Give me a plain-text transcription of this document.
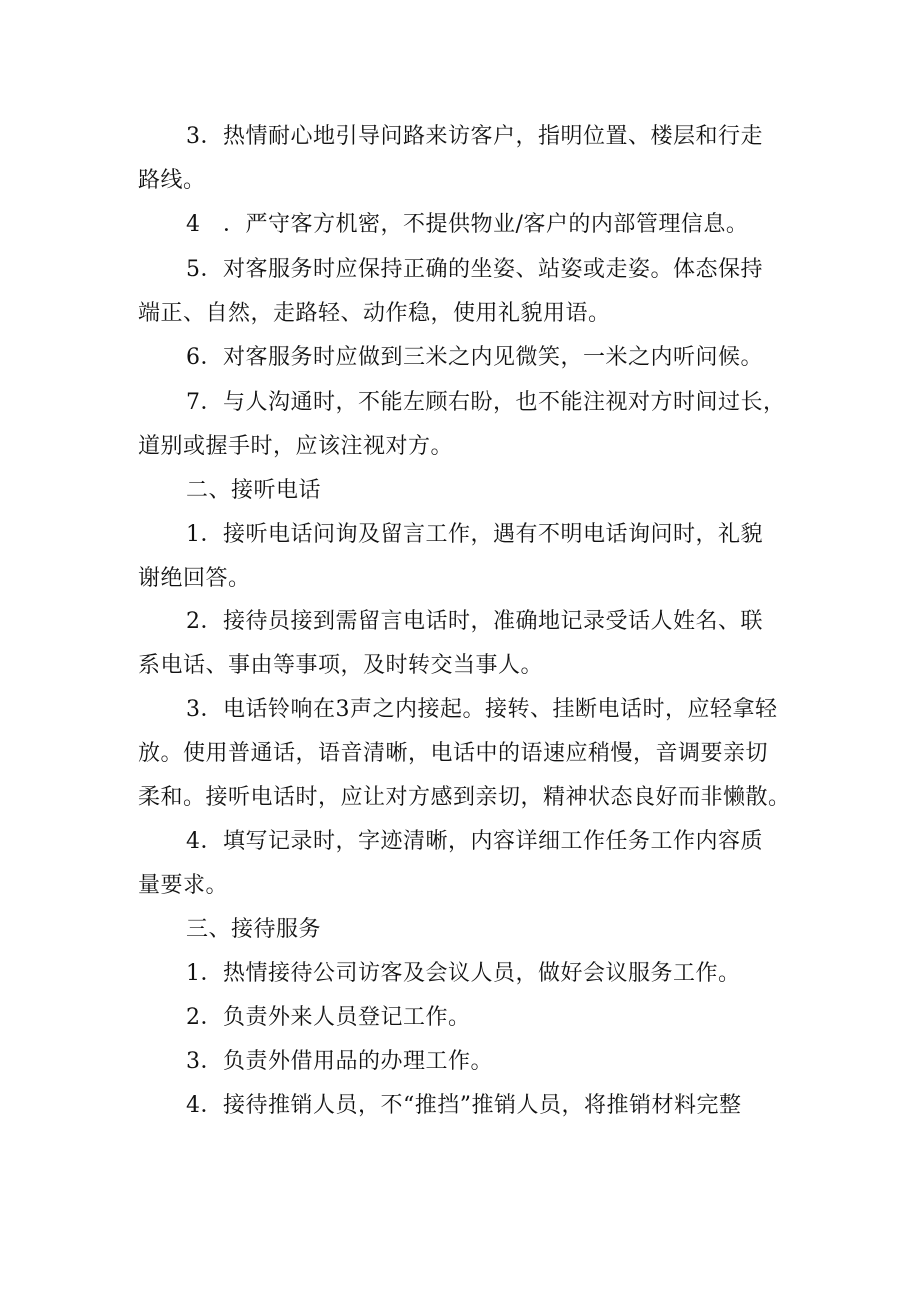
3．热情耐心地引导问路来访客户，指明位置、楼层和行走
路线。
4　．严守客方机密，不提供物业/客户的内部管理信息。
5．对客服务时应保持正确的坐姿、站姿或走姿。体态保持
端正、自然，走路轻、动作稳，使用礼貌用语。
6．对客服务时应做到三米之内见微笑，一米之内听问候。
7．与人沟通时，不能左顾右盼，也不能注视对方时间过长，
道别或握手时，应该注视对方。
二、接听电话
1．接听电话问询及留言工作，遇有不明电话询问时，礼貌
谢绝回答。
2．接待员接到需留言电话时，准确地记录受话人姓名、联
系电话、事由等事项，及时转交当事人。
3．电话铃响在3声之内接起。接转、挂断电话时，应轻拿轻
放。使用普通话，语音清晰，电话中的语速应稍慢，音调要亲切
柔和。接听电话时，应让对方感到亲切，精神状态良好而非懒散。
4．填写记录时，字迹清晰，内容详细工作任务工作内容质
量要求。
三、接待服务
1．热情接待公司访客及会议人员，做好会议服务工作。
2．负责外来人员登记工作。
3．负责外借用品的办理工作。
4．接待推销人员，不“推挡”推销人员，将推销材料完整
